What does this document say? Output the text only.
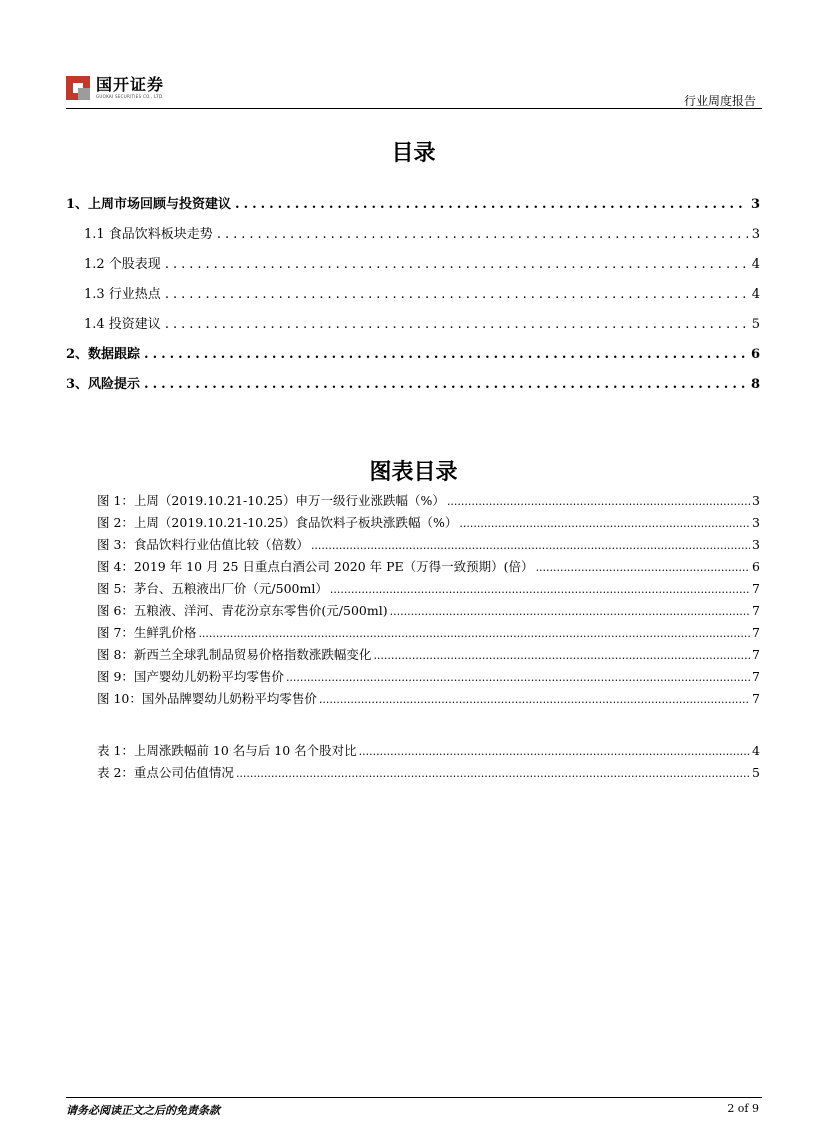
国开证券
GUOKAI SECURITIES CO., LTD.	行业周度报告
目录
1、上周市场回顾与投资建议 .....	3
1.1 食品饮料板块走势 .....	3
1.2 个股表现 .....	4
1.3 行业热点 .....	4
1.4 投资建议 .....	5
2、数据跟踪 .....	6
3、风险提示 .....	8
图表目录
图 1：上周（2019.10.21-10.25）申万一级行业涨跌幅（%） .....	3
图 2：上周（2019.10.21-10.25）食品饮料子板块涨跌幅（%） .....	3
图 3：食品饮料行业估值比较（倍数） .....	3
图 4：2019 年 10 月 25 日重点白酒公司 2020 年 PE（万得一致预期）(倍） .....	6
图 5：茅台、五粮液出厂价（元/500ml） .....	7
图 6：五粮液、洋河、青花汾京东零售价(元/500ml) .....	7
图 7：生鲜乳价格 .....	7
图 8：新西兰全球乳制品贸易价格指数涨跌幅变化 .....	7
图 9：国产婴幼儿奶粉平均零售价 .....	7
图 10：国外品牌婴幼儿奶粉平均零售价 .....	7
表 1：上周涨跌幅前 10 名与后 10 名个股对比 .....	4
表 2：重点公司估值情况 .....	5
请务必阅读正文之后的免责条款	2 of 9
